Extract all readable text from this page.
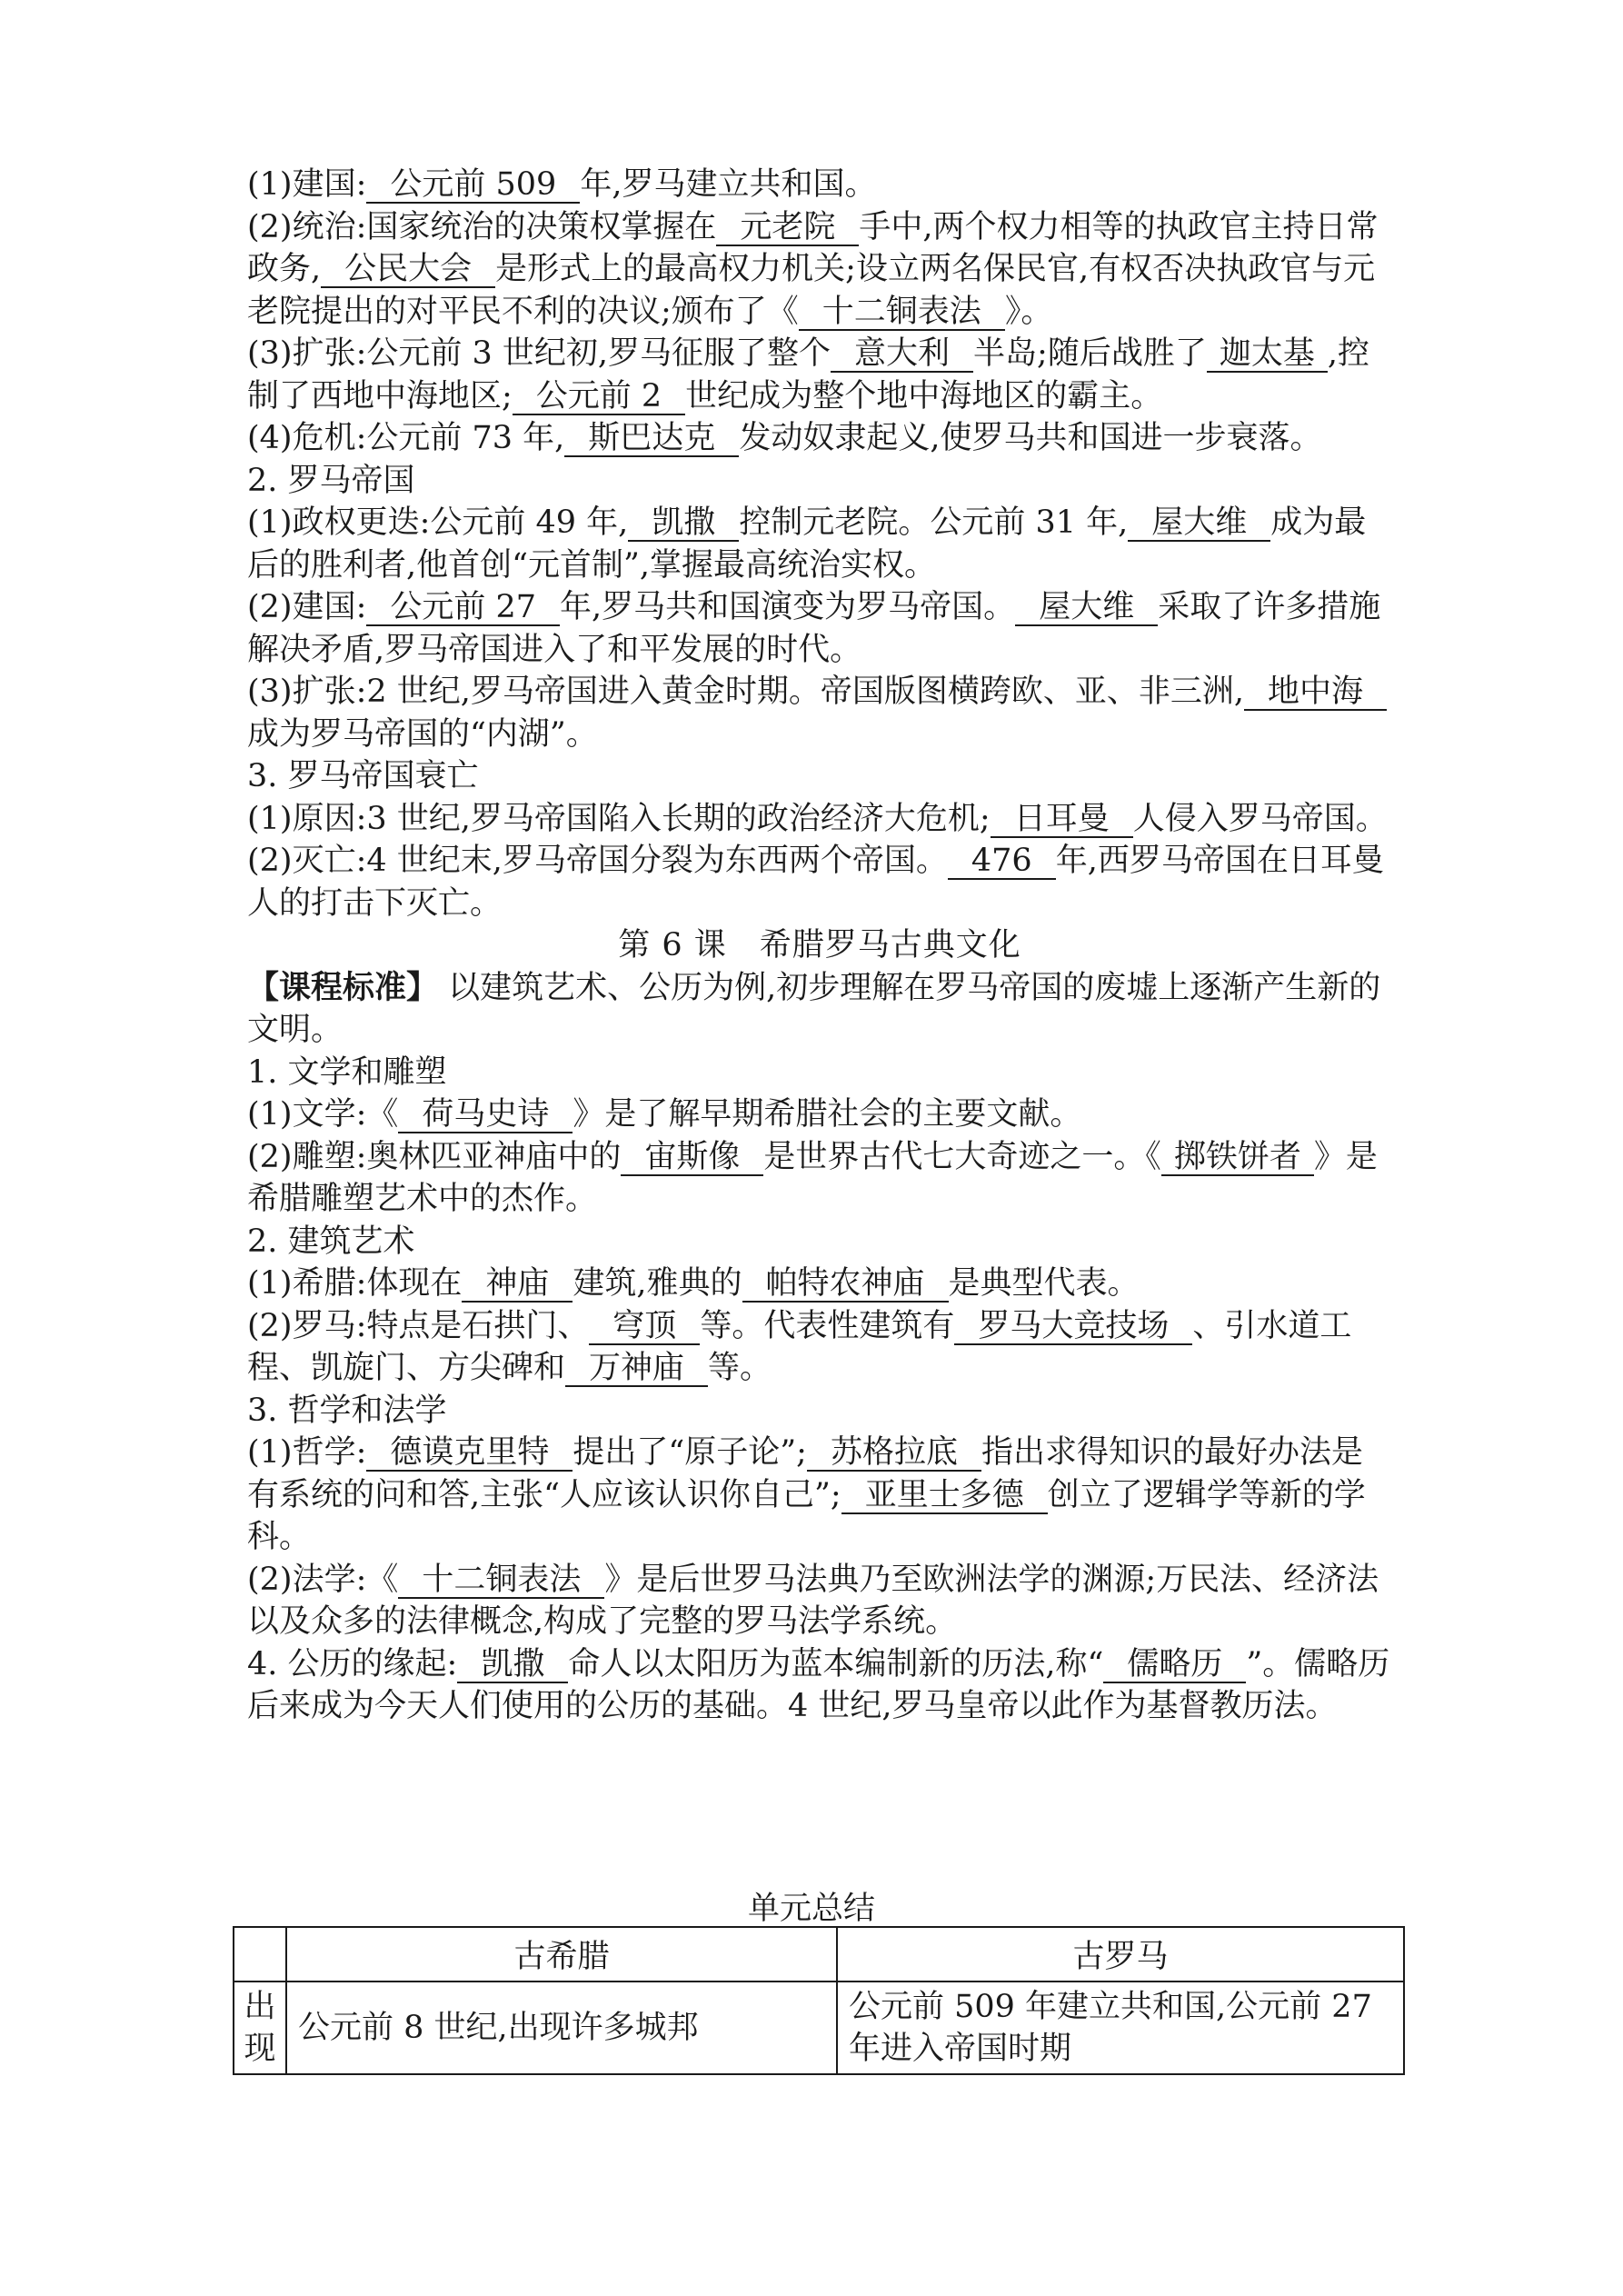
(1)建国: 公元前 509 年,罗马建立共和国。

(2)统治:国家统治的决策权掌握在 元老院 手中,两个权力相等的执政官主持日常政务, 公民大会 是形式上的最高权力机关;设立两名保民官,有权否决执政官与元老院提出的对平民不利的决议;颁布了《 十二铜表法 》。

(3)扩张:公元前 3 世纪初,罗马征服了整个 意大利 半岛;随后战胜了 迦太基 ,控制了西地中海地区; 公元前 2 世纪成为整个地中海地区的霸主。

(4)危机:公元前 73 年, 斯巴达克 发动奴隶起义,使罗马共和国进一步衰落。

2. 罗马帝国

(1)政权更迭:公元前 49 年, 凯撒 控制元老院。公元前 31 年, 屋大维 成为最后的胜利者,他首创“元首制”,掌握最高统治实权。

(2)建国: 公元前 27 年,罗马共和国演变为罗马帝国。 屋大维 采取了许多措施解决矛盾,罗马帝国进入了和平发展的时代。

(3)扩张:2 世纪,罗马帝国进入黄金时期。帝国版图横跨欧、亚、非三洲, 地中海成为罗马帝国的“内湖”。

3. 罗马帝国衰亡

(1)原因:3 世纪,罗马帝国陷入长期的政治经济大危机; 日耳曼 人侵入罗马帝国。

(2)灭亡:4 世纪末,罗马帝国分裂为东西两个帝国。 476 年,西罗马帝国在日耳曼人的打击下灭亡。

第 6 课　希腊罗马古典文化

【课程标准】 以建筑艺术、公历为例,初步理解在罗马帝国的废墟上逐渐产生新的文明。

1. 文学和雕塑

(1)文学:《 荷马史诗 》是了解早期希腊社会的主要文献。

(2)雕塑:奥林匹亚神庙中的 宙斯像 是世界古代七大奇迹之一。《 掷铁饼者 》是希腊雕塑艺术中的杰作。

2. 建筑艺术

(1)希腊:体现在 神庙 建筑,雅典的 帕特农神庙 是典型代表。

(2)罗马:特点是石拱门、 穹顶 等。代表性建筑有 罗马大竞技场 、引水道工程、凯旋门、方尖碑和 万神庙 等。

3. 哲学和法学

(1)哲学: 德谟克里特 提出了“原子论”; 苏格拉底 指出求得知识的最好办法是有系统的问和答,主张“人应该认识你自己”; 亚里士多德 创立了逻辑学等新的学科。

(2)法学:《 十二铜表法 》是后世罗马法典乃至欧洲法学的渊源;万民法、经济法以及众多的法律概念,构成了完整的罗马法学系统。

4. 公历的缘起: 凯撒 命人以太阳历为蓝本编制新的历法,称“ 儒略历 ”。儒略历后来成为今天人们使用的公历的基础。4 世纪,罗马皇帝以此作为基督教历法。

单元总结
	古希腊	古罗马
出现	公元前 8 世纪,出现许多城邦	公元前 509 年建立共和国,公元前 27 年进入帝国时期
